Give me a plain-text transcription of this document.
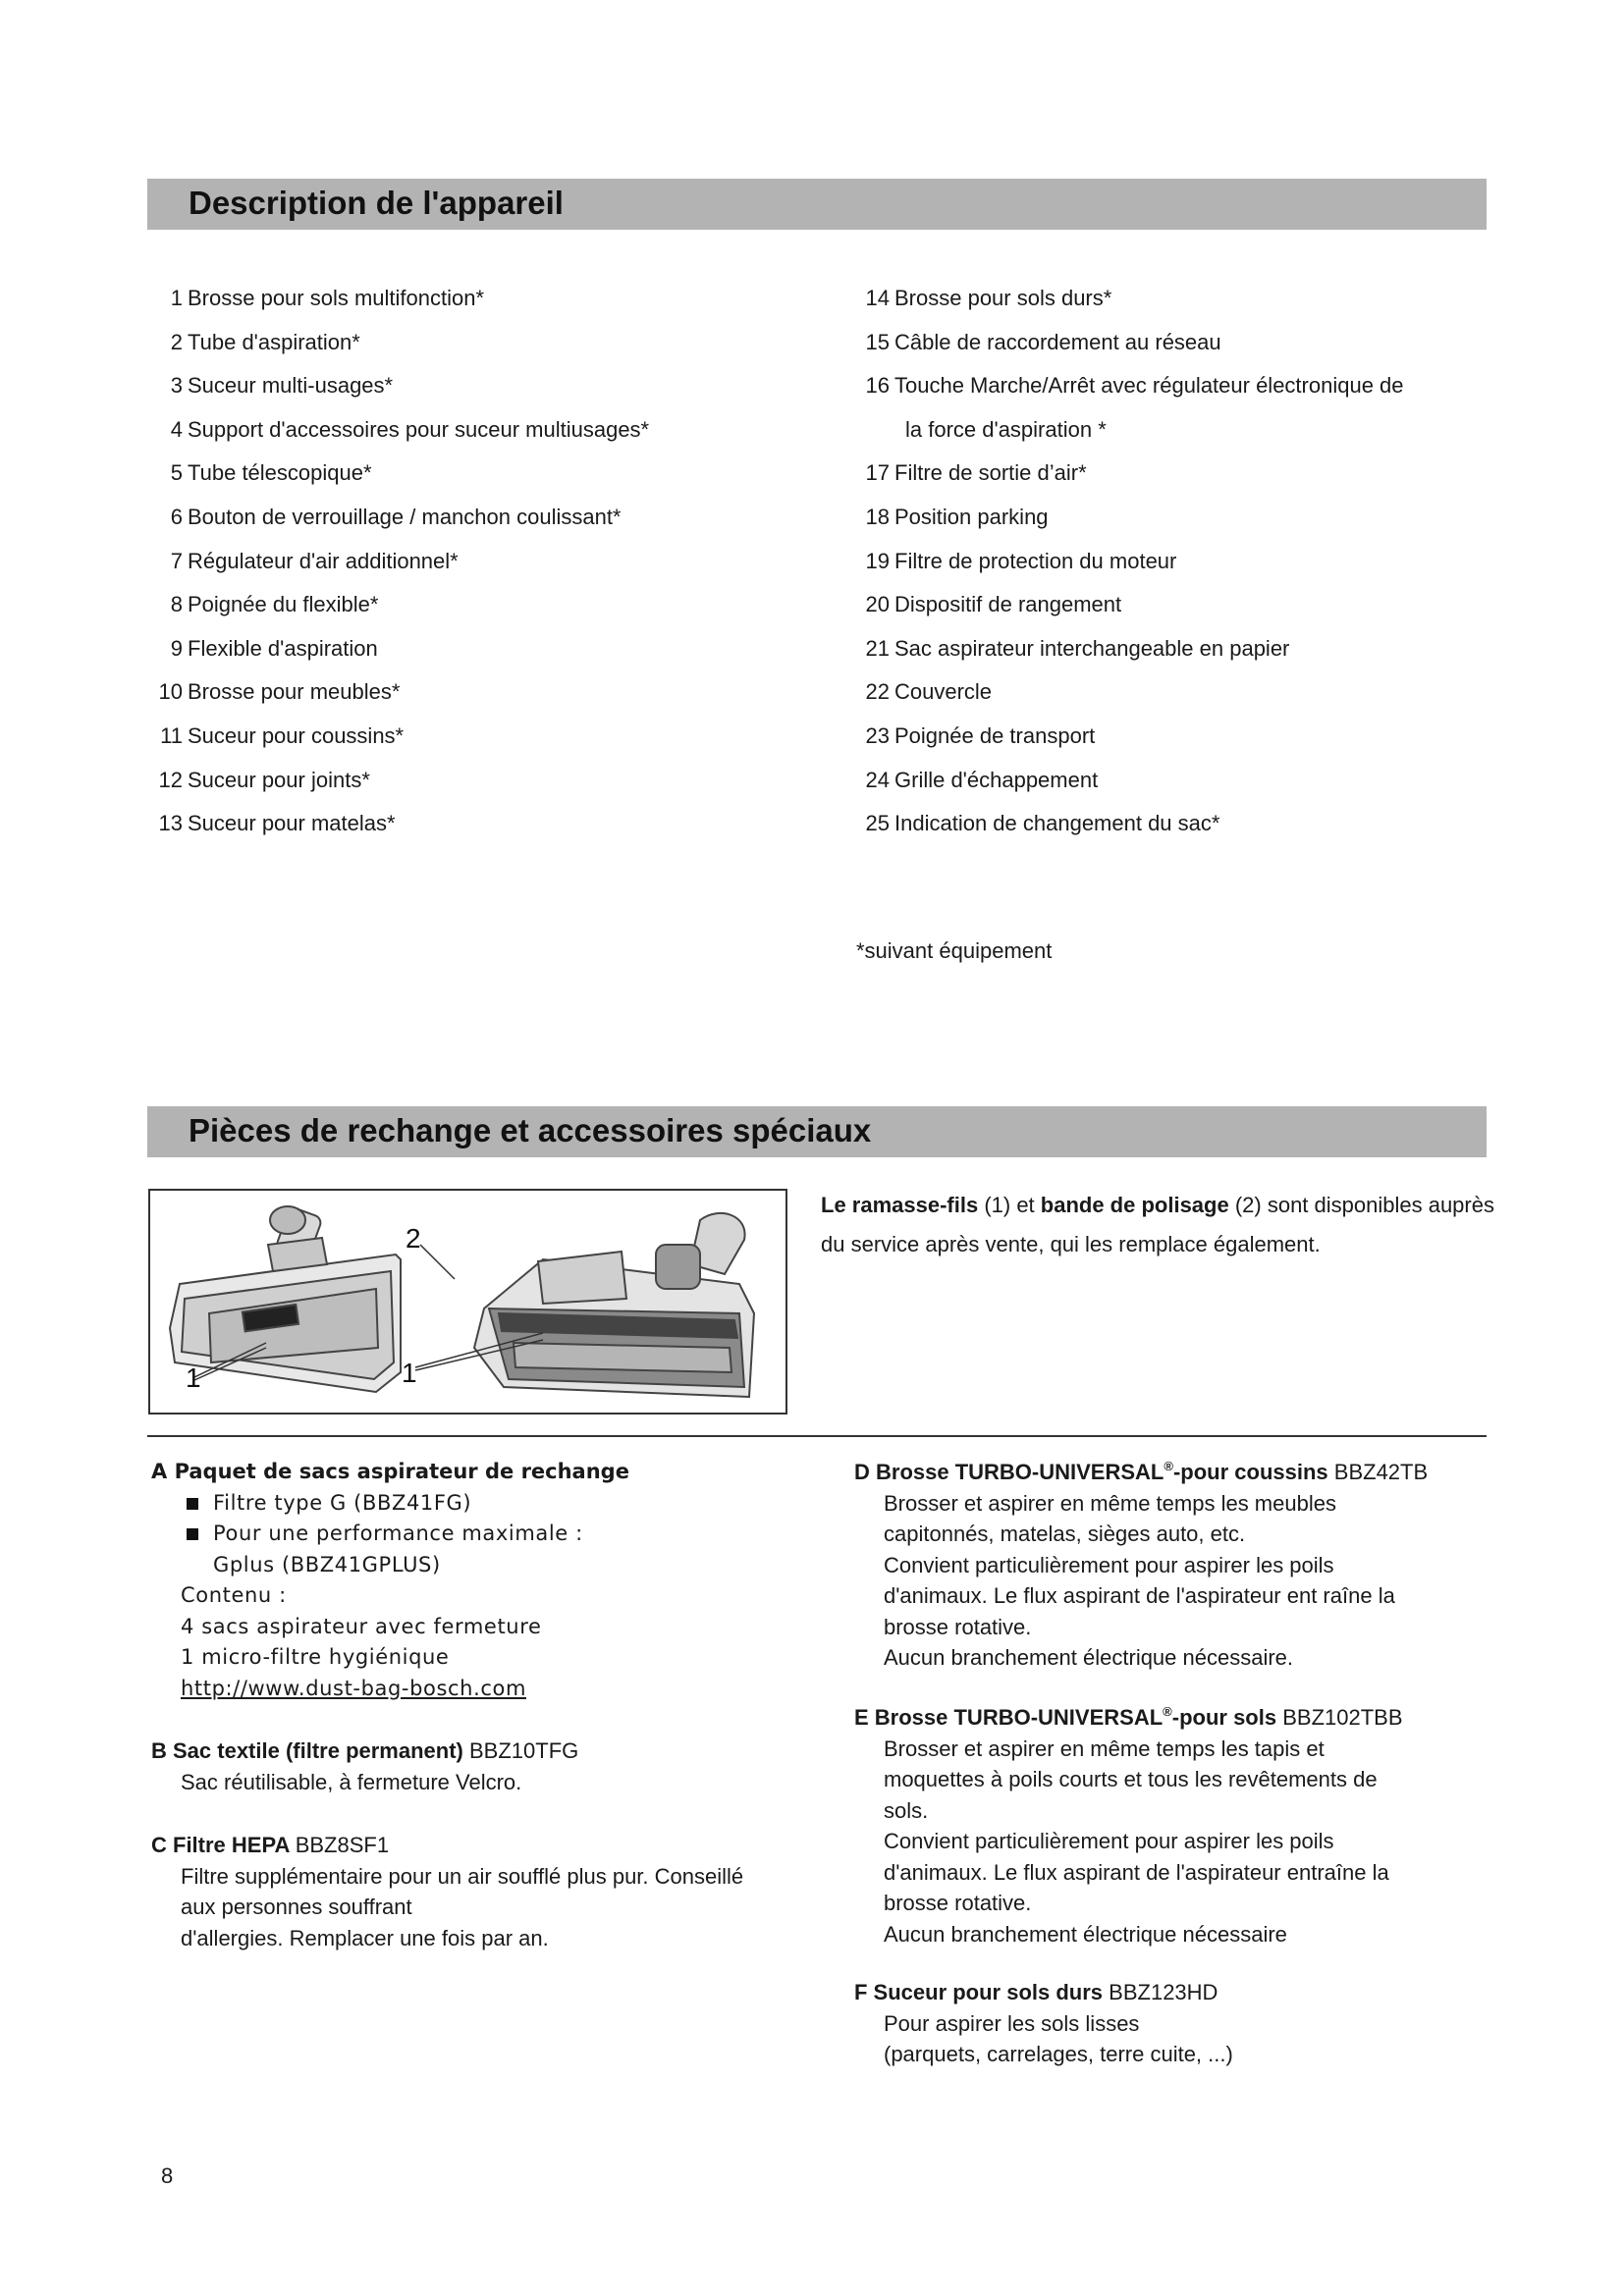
Description de l'appareil
1 Brosse pour sols multifonction*
2 Tube d'aspiration*
3 Suceur multi-usages*
4 Support d'accessoires pour suceur multiusages*
5 Tube télescopique*
6 Bouton de verrouillage / manchon coulissant*
7 Régulateur d'air additionnel*
8 Poignée du flexible*
9 Flexible d'aspiration
10 Brosse pour meubles*
11 Suceur pour coussins*
12 Suceur pour joints*
13 Suceur pour matelas*
14 Brosse pour sols durs*
15 Câble de raccordement au réseau
16 Touche Marche/Arrêt avec régulateur électronique de
la force d'aspiration *
17 Filtre de sortie d’air*
18 Position parking
19 Filtre de protection du moteur
20 Dispositif de rangement
21 Sac aspirateur interchangeable en papier
22 Couvercle
23 Poignée de transport
24 Grille d'échappement
25 Indication de changement du sac*
*suivant équipement
Pièces de rechange et accessoires spéciaux
1
2
1
Le ramasse-fils (1) et bande de polisage (2) sont disponibles auprès du service après vente, qui les remplace également.
A Paquet de sacs aspirateur de rechange
Filtre type G (BBZ41FG)
Pour une performance maximale :
Gplus (BBZ41GPLUS)
Contenu :
4 sacs aspirateur avec fermeture
1 micro-filtre hygiénique
http://www.dust-bag-bosch.com
B Sac textile (filtre permanent) BBZ10TFG
Sac réutilisable, à fermeture Velcro.
C Filtre HEPA BBZ8SF1
Filtre supplémentaire pour un air soufflé plus pur. Conseillé
aux personnes souffrant
d'allergies. Remplacer une fois par an.
D Brosse TURBO-UNIVERSAL®-pour coussins BBZ42TB
Brosser et aspirer en même temps les meubles
capitonnés, matelas, sièges auto, etc.
Convient particulièrement pour aspirer les poils
d'animaux. Le flux aspirant de l'aspirateur ent raîne la
brosse rotative.
Aucun branchement électrique nécessaire.
E Brosse TURBO-UNIVERSAL®-pour sols BBZ102TBB
Brosser et aspirer en même temps les tapis et
moquettes à poils courts et tous les revêtements de
sols.
Convient particulièrement pour aspirer les poils
d'animaux. Le flux aspirant de l'aspirateur entraîne la
brosse rotative.
Aucun branchement électrique nécessaire
F Suceur pour sols durs BBZ123HD
Pour aspirer les sols lisses
(parquets, carrelages, terre cuite, ...)
8
